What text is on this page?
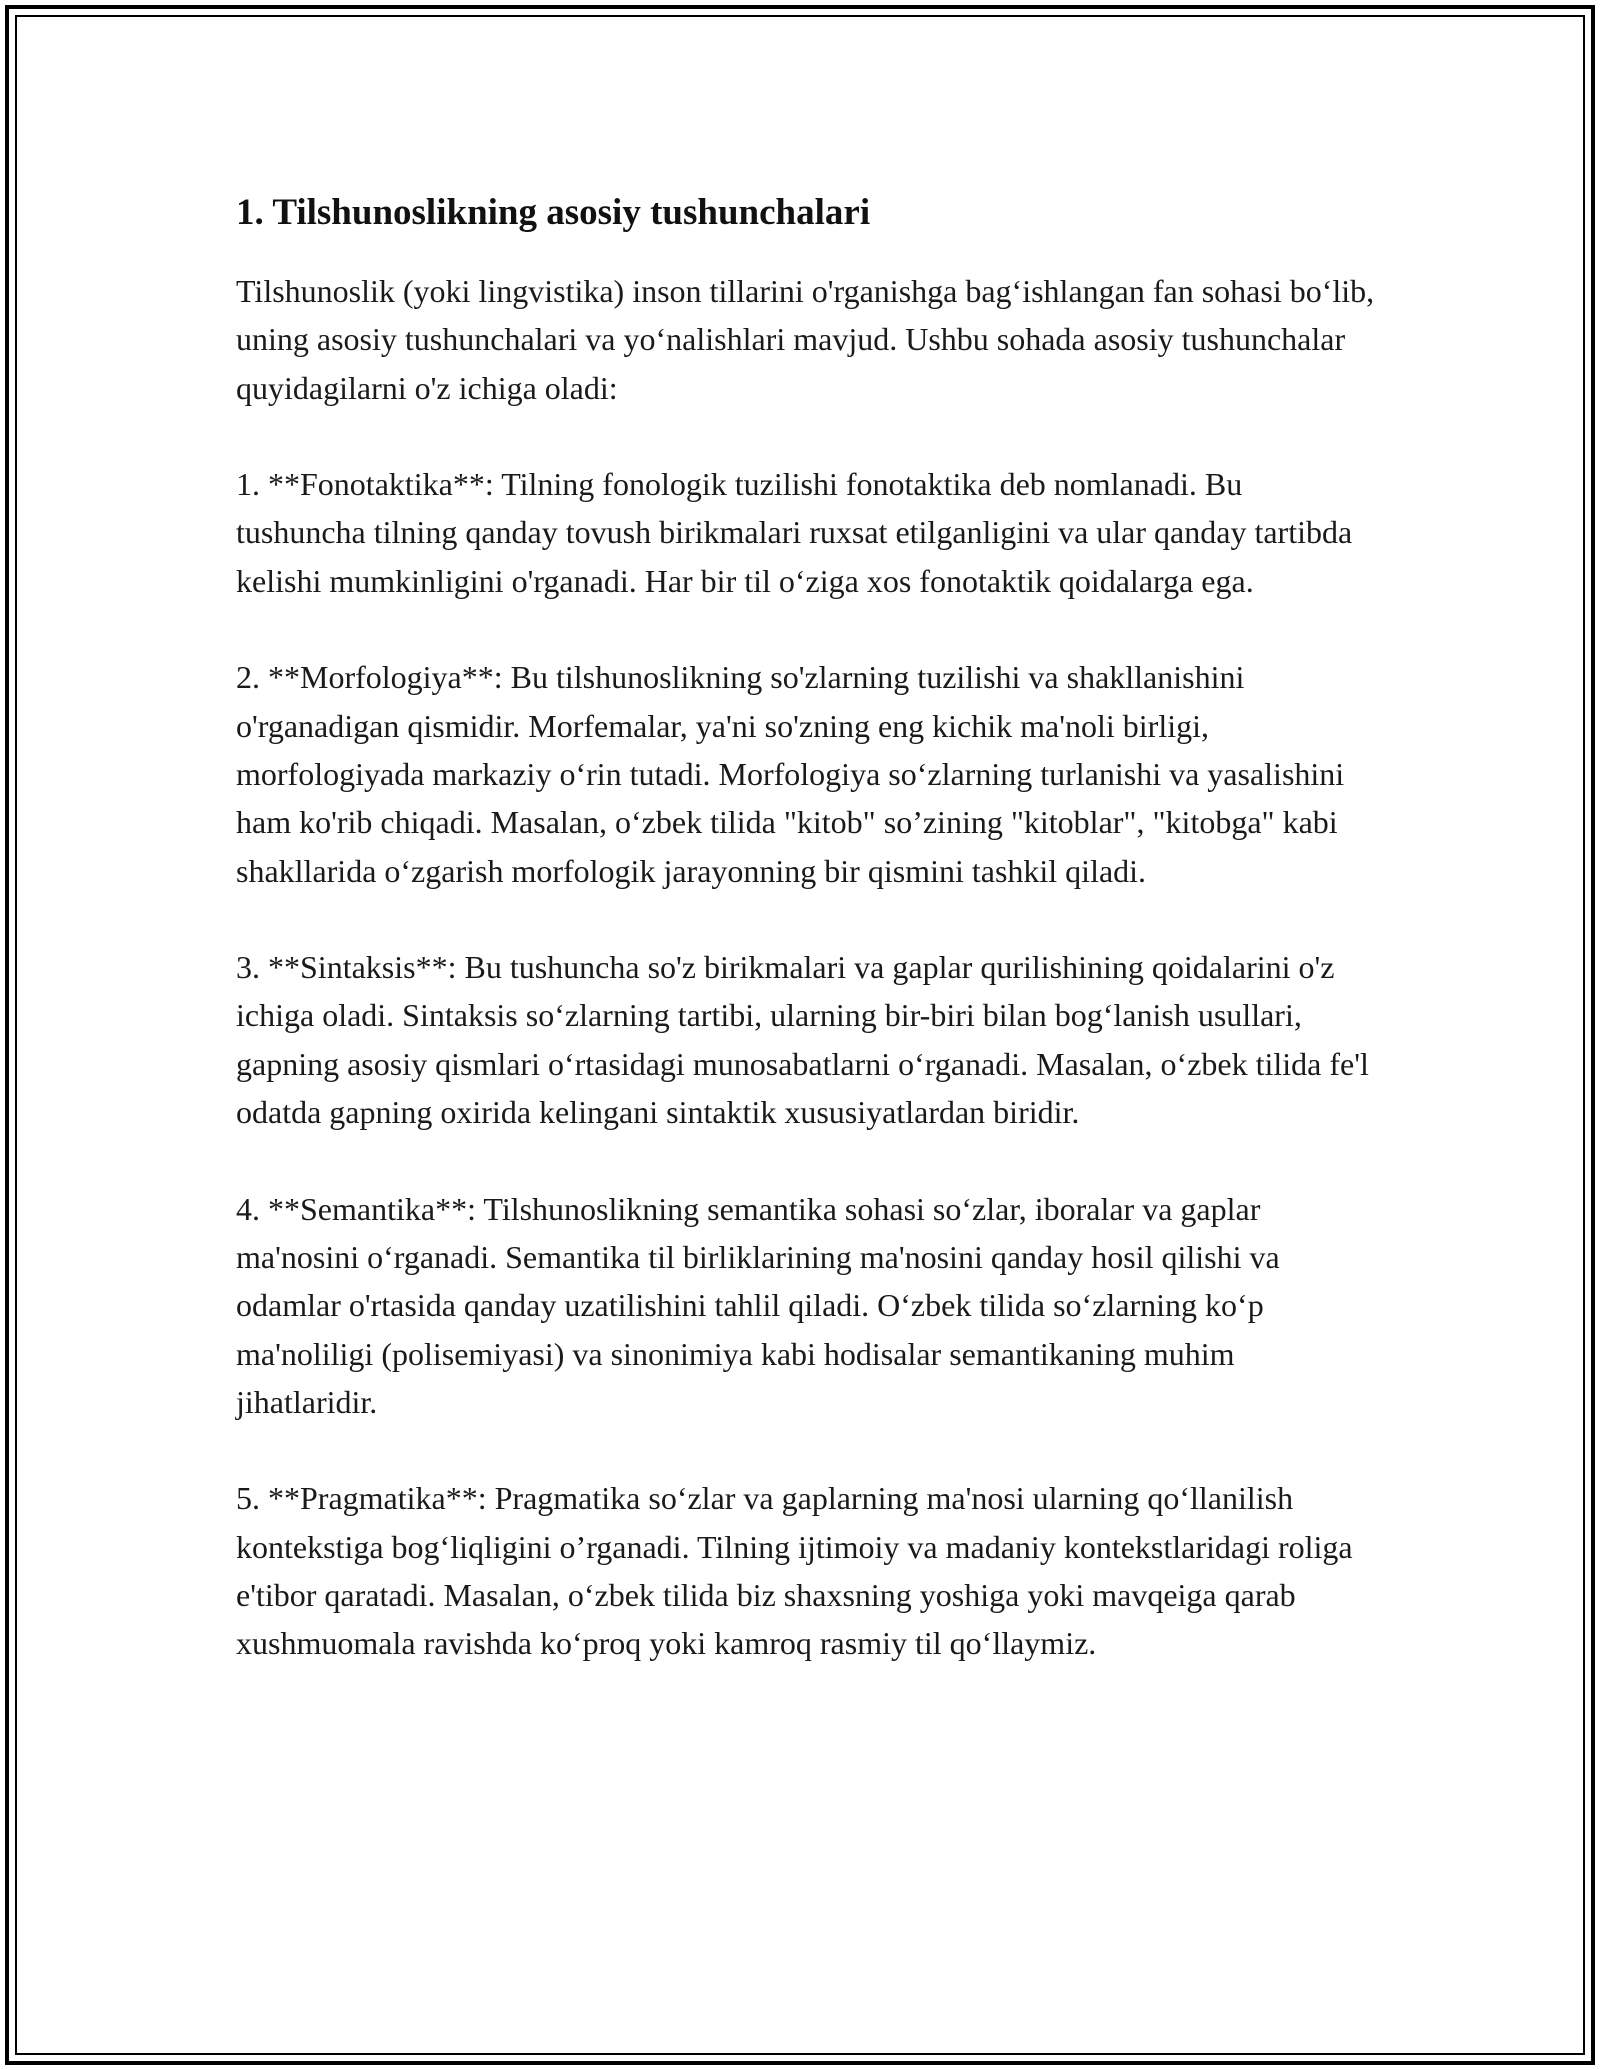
1. Tilshunoslikning asosiy tushunchalari

Tilshunoslik (yoki lingvistika) inson tillarini o'rganishga bag‘ishlangan fan sohasi bo‘lib, uning asosiy tushunchalari va yo‘nalishlari mavjud. Ushbu sohada asosiy tushunchalar quyidagilarni o'z ichiga oladi:

1. **Fonotaktika**: Tilning fonologik tuzilishi fonotaktika deb nomlanadi. Bu tushuncha tilning qanday tovush birikmalari ruxsat etilganligini va ular qanday tartibda kelishi mumkinligini o'rganadi. Har bir til o‘ziga xos fonotaktik qoidalarga ega.

2. **Morfologiya**: Bu tilshunoslikning so'zlarning tuzilishi va shakllanishini o'rganadigan qismidir. Morfemalar, ya'ni so'zning eng kichik ma'noli birligi, morfologiyada markaziy o‘rin tutadi. Morfologiya so‘zlarning turlanishi va yasalishini ham ko'rib chiqadi. Masalan, o‘zbek tilida "kitob" so’zining "kitoblar", "kitobga" kabi shakllarida o‘zgarish morfologik jarayonning bir qismini tashkil qiladi.

3. **Sintaksis**: Bu tushuncha so'z birikmalari va gaplar qurilishining qoidalarini o'z ichiga oladi. Sintaksis so‘zlarning tartibi, ularning bir-biri bilan bog‘lanish usullari, gapning asosiy qismlari o‘rtasidagi munosabatlarni o‘rganadi. Masalan, o‘zbek tilida fe'l odatda gapning oxirida kelingani sintaktik xususiyatlardan biridir.

4. **Semantika**: Tilshunoslikning semantika sohasi so‘zlar, iboralar va gaplar ma'nosini o‘rganadi. Semantika til birliklarining ma'nosini qanday hosil qilishi va odamlar o'rtasida qanday uzatilishini tahlil qiladi. O‘zbek tilida so‘zlarning ko‘p ma'noliligi (polisemiyasi) va sinonimiya kabi hodisalar semantikaning muhim jihatlaridir.

5. **Pragmatika**: Pragmatika so‘zlar va gaplarning ma'nosi ularning qo‘llanilish kontekstiga bog‘liqligini o’rganadi. Tilning ijtimoiy va madaniy kontekstlaridagi roliga e'tibor qaratadi. Masalan, o‘zbek tilida biz shaxsning yoshiga yoki mavqeiga qarab xushmuomala ravishda ko‘proq yoki kamroq rasmiy til qo‘llaymiz.
